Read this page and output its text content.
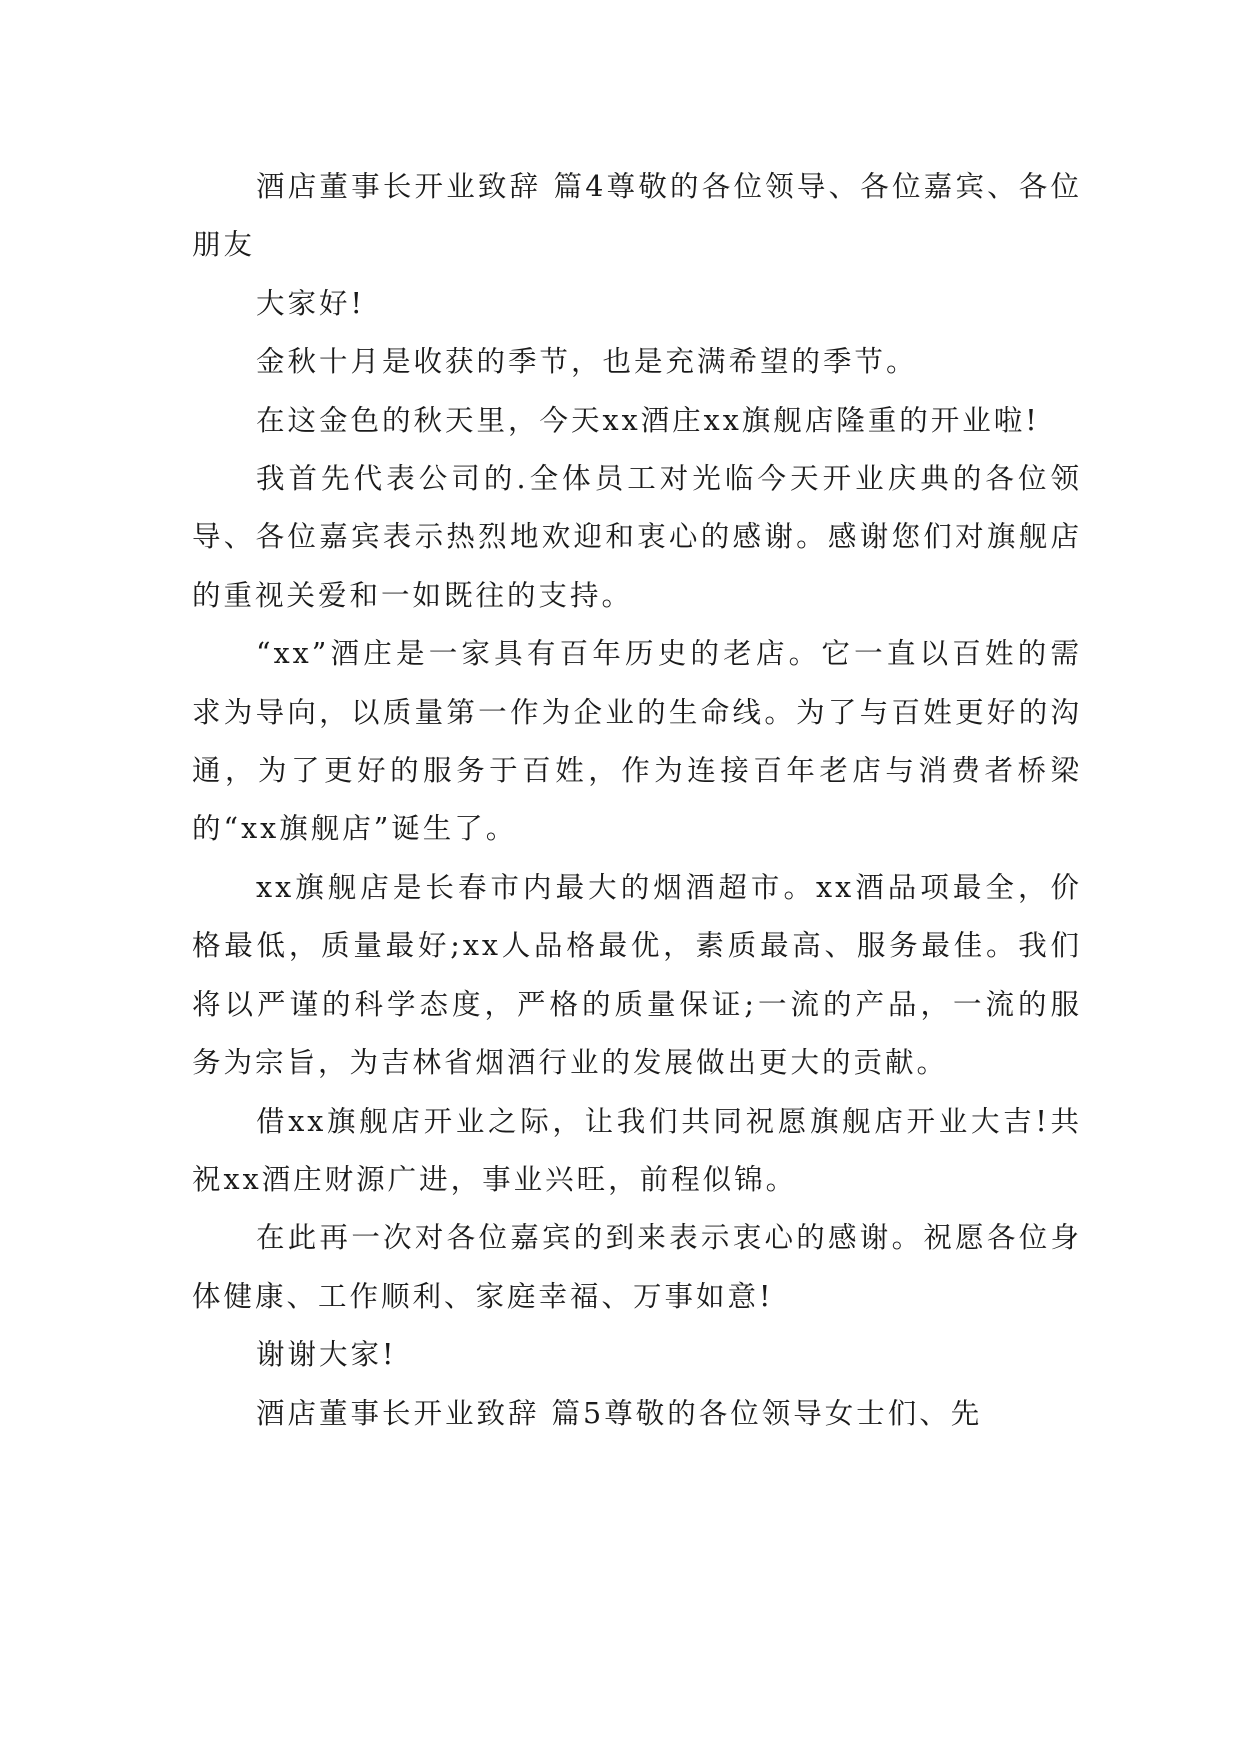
酒店董事长开业致辞 篇4尊敬的各位领导、各位嘉宾、各位朋友

大家好!

金秋十月是收获的季节，也是充满希望的季节。

在这金色的秋天里，今天xx酒庄xx旗舰店隆重的开业啦!

我首先代表公司的.全体员工对光临今天开业庆典的各位领导、各位嘉宾表示热烈地欢迎和衷心的感谢。感谢您们对旗舰店的重视关爱和一如既往的支持。

“xx”酒庄是一家具有百年历史的老店。它一直以百姓的需求为导向，以质量第一作为企业的生命线。为了与百姓更好的沟通，为了更好的服务于百姓，作为连接百年老店与消费者桥梁的“xx旗舰店”诞生了。

xx旗舰店是长春市内最大的烟酒超市。xx酒品项最全，价格最低，质量最好;xx人品格最优，素质最高、服务最佳。我们将以严谨的科学态度，严格的质量保证;一流的产品，一流的服务为宗旨，为吉林省烟酒行业的发展做出更大的贡献。

借xx旗舰店开业之际，让我们共同祝愿旗舰店开业大吉!共祝xx酒庄财源广进，事业兴旺，前程似锦。

在此再一次对各位嘉宾的到来表示衷心的感谢。祝愿各位身体健康、工作顺利、家庭幸福、万事如意!

谢谢大家!

酒店董事长开业致辞 篇5尊敬的各位领导女士们、先
